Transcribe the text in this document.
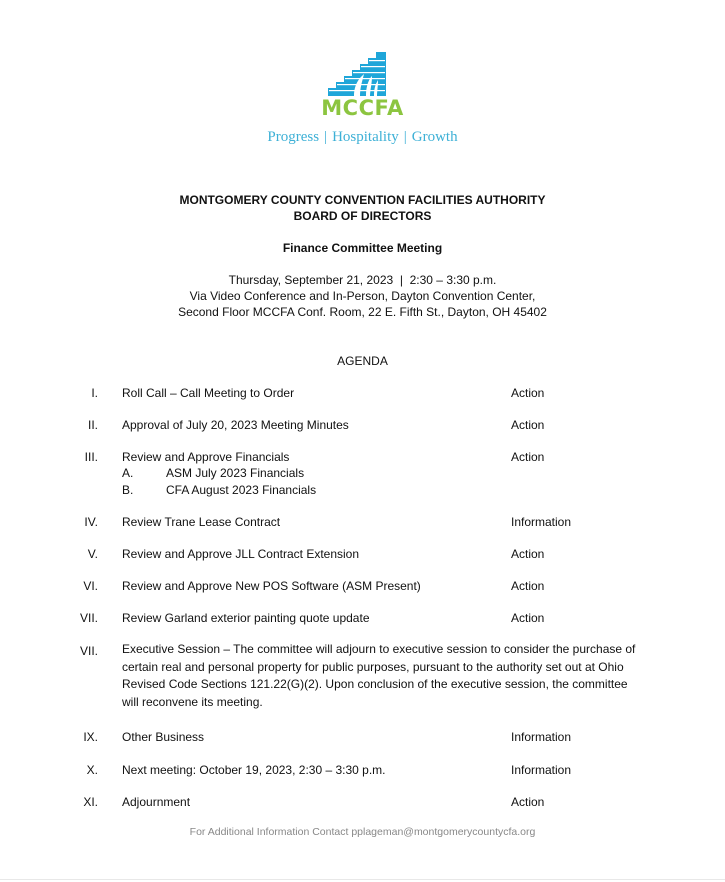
MCCFA
Progress | Hospitality | Growth
MONTGOMERY COUNTY CONVENTION FACILITIES AUTHORITY
BOARD OF DIRECTORS
Finance Committee Meeting
Thursday, September 21, 2023  |  2:30 – 3:30 p.m.
Via Video Conference and In-Person, Dayton Convention Center,
Second Floor MCCFA Conf. Room, 22 E. Fifth St., Dayton, OH 45402
AGENDA
I. Roll Call – Call Meeting to Order	Action
II. Approval of July 20, 2023 Meeting Minutes	Action
III. Review and Approve Financials	Action
A.	ASM July 2023 Financials
B.	CFA August 2023 Financials
IV. Review Trane Lease Contract	Information
V. Review and Approve JLL Contract Extension	Action
VI. Review and Approve New POS Software (ASM Present)	Action
VII. Review Garland exterior painting quote update	Action
VII. Executive Session – The committee will adjourn to executive session to consider the purchase of
certain real and personal property for public purposes, pursuant to the authority set out at Ohio
Revised Code Sections 121.22(G)(2). Upon conclusion of the executive session, the committee
will reconvene its meeting.
IX. Other Business	Information
X. Next meeting: October 19, 2023, 2:30 – 3:30 p.m.	Information
XI. Adjournment	Action
For Additional Information Contact pplageman@montgomerycountycfa.org
